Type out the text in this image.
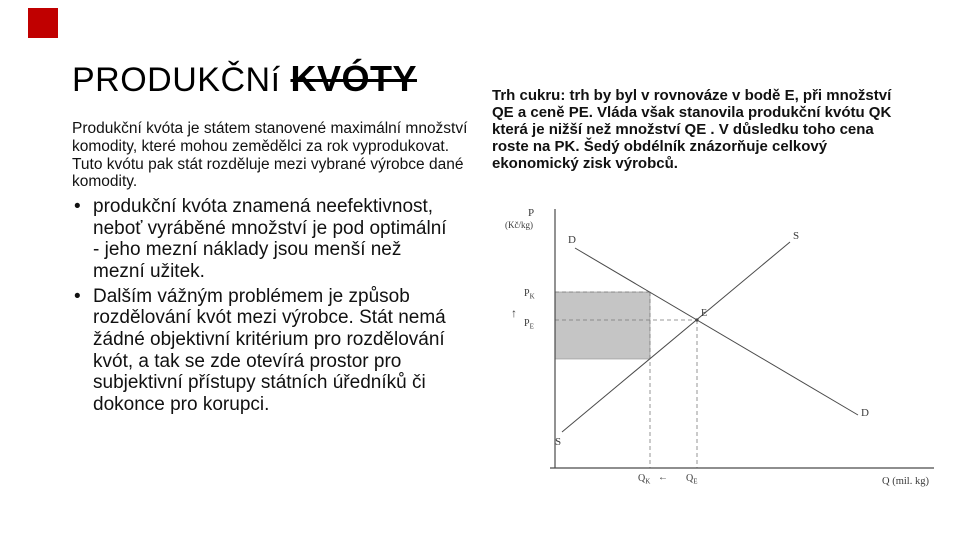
PRODUKČNí KVÓTY

Produkční kvóta je státem stanovené maximální množství komodity, které mohou zemědělci za rok vyprodukovat. Tuto kvótu pak stát rozděluje mezi vybrané výrobce dané komodity.

• produkční kvóta znamená neefektivnost, neboť vyráběné množství je pod optimální - jeho mezní náklady jsou menší než mezní užitek.
• Dalším vážným problémem je způsob rozdělování kvót mezi výrobce. Stát nemá žádné objektivní kritérium pro rozdělování kvót, a tak se zde otevírá prostor pro subjektivní přístupy státních úředníků či dokonce pro korupci.

Trh cukru: trh by byl v rovnováze v bodě E, při množství QE a ceně PE. Vláda však stanovila produkční kvótu QK která je nižší než množství QE . V důsledku toho cena roste na PK. Šedý obdélník znázorňuje celkový ekonomický zisk výrobců.

P
(Kč/kg)
Q (mil. kg)
D
D
S
S
E
$P_K$
$P_E$
↑
$Q_K$ ← $Q_E$
